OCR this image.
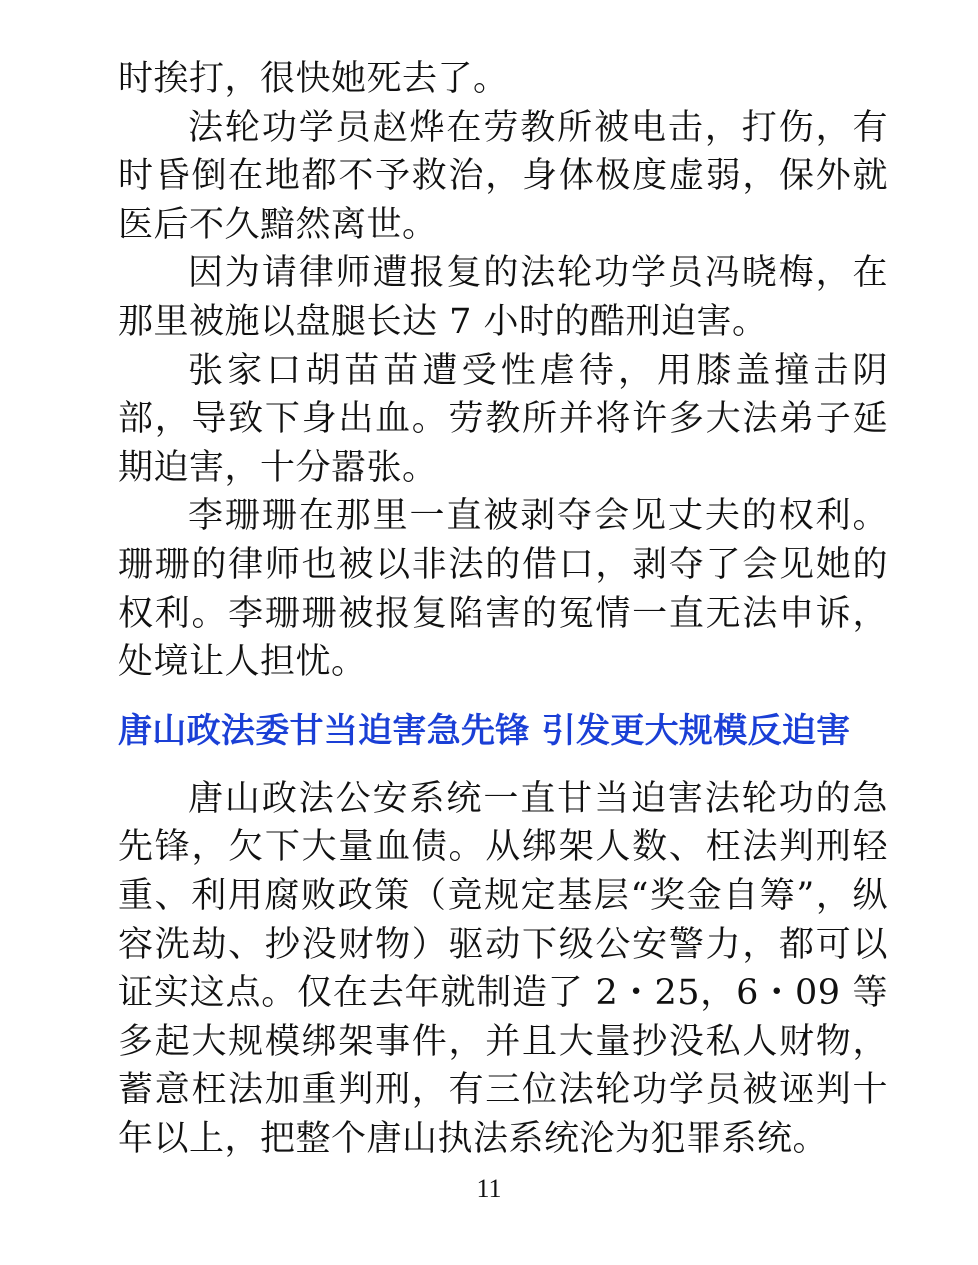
时挨打，很快她死去了。

法轮功学员赵烨在劳教所被电击，打伤，有时昏倒在地都不予救治，身体极度虚弱，保外就医后不久黯然离世。

因为请律师遭报复的法轮功学员冯晓梅，在那里被施以盘腿长达 7 小时的酷刑迫害。

张家口胡苗苗遭受性虐待，用膝盖撞击阴部，导致下身出血。劳教所并将许多大法弟子延期迫害，十分嚣张。

李珊珊在那里一直被剥夺会见丈夫的权利。珊珊的律师也被以非法的借口，剥夺了会见她的权利。李珊珊被报复陷害的冤情一直无法申诉，处境让人担忧。

唐山政法委甘当迫害急先锋 引发更大规模反迫害

唐山政法公安系统一直甘当迫害法轮功的急先锋，欠下大量血债。从绑架人数、枉法判刑轻重、利用腐败政策（竟规定基层“奖金自筹”，纵容洗劫、抄没财物）驱动下级公安警力，都可以证实这点。仅在去年就制造了 2・25，6・09 等多起大规模绑架事件，并且大量抄没私人财物，蓄意枉法加重判刑，有三位法轮功学员被诬判十年以上，把整个唐山执法系统沦为犯罪系统。

11
